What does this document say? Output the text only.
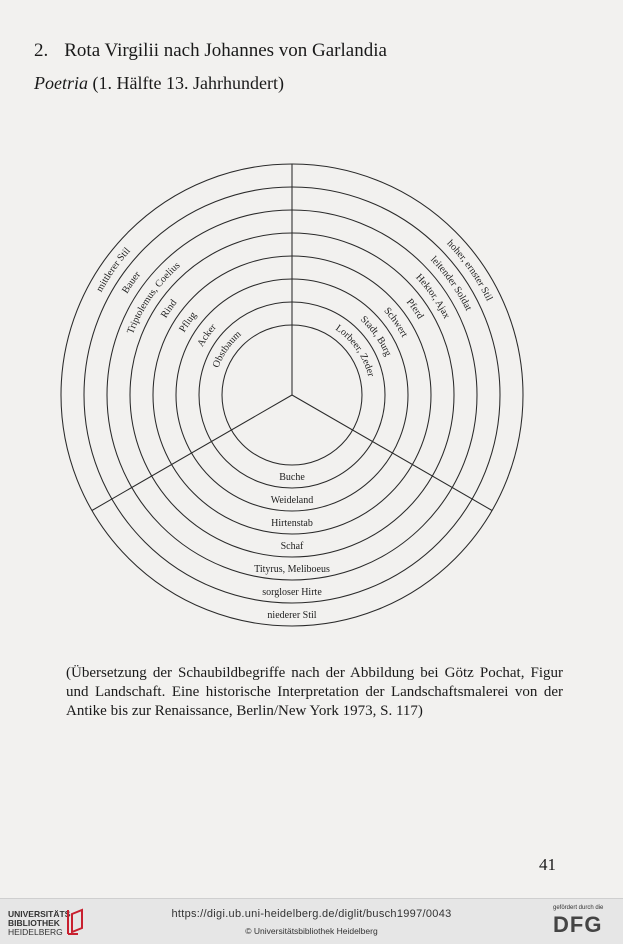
2. Rota Virgilii nach Johannes von Garlandia
Poetria (1. Hälfte 13. Jahrhundert)
hoher, ernster Stil
leitender Soldat
Hektor, Ajax
Pferd
Schwert
Stadt, Burg
Lorbeer, Zeder
mittlerer Stil
Bauer
Triptolemus, Coelius
Rind
Pflug
Acker
Obstbaum
niederer Stil
sorgloser Hirte
Tityrus, Meliboeus
Schaf
Hirtenstab
Weideland
Buche
(Übersetzung der Schaubildbegriffe nach der Abbildung bei Götz Pochat, Figur und Landschaft. Eine historische Interpretation der Landschaftsmalerei von der Antike bis zur Renaissance, Berlin/New York 1973, S. 117)
41
UNIVERSITÄTS-
BIBLIOTHEK
HEIDELBERG
https://digi.ub.uni-heidelberg.de/diglit/busch1997/0043
© Universitätsbibliothek Heidelberg
gefördert durch die
DFG
